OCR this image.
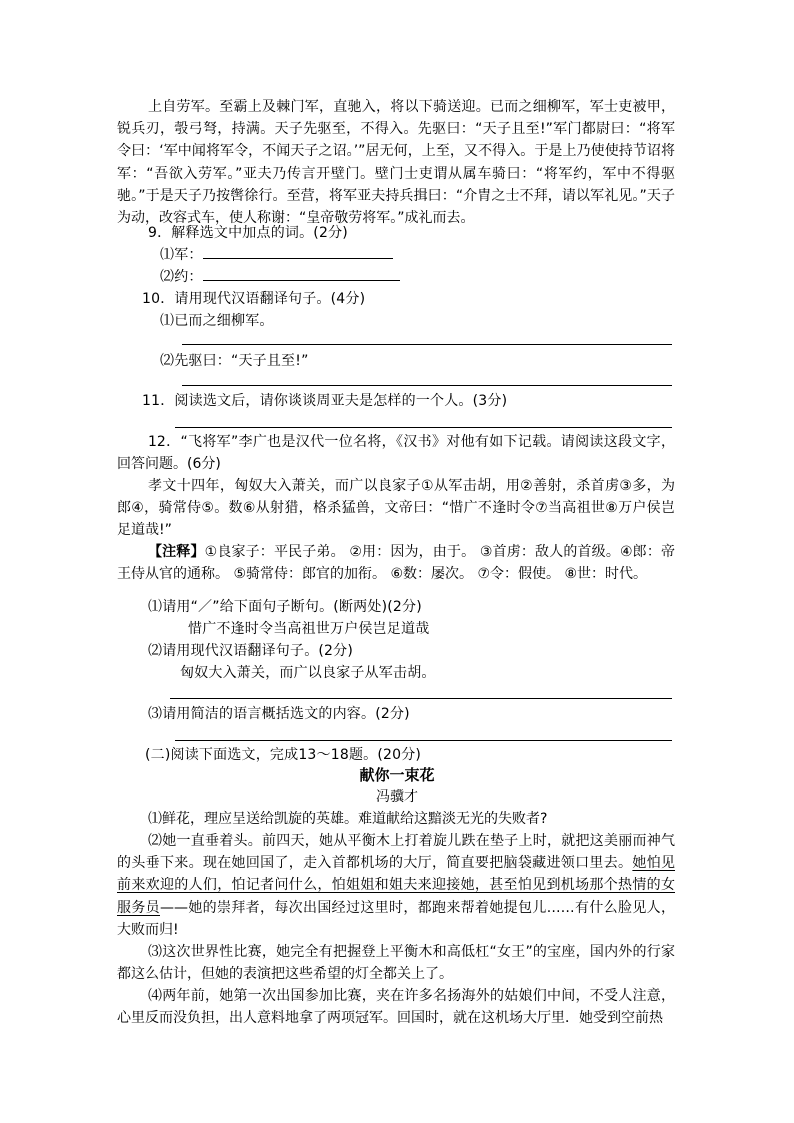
上自劳军。至霸上及棘门军，直驰入，将以下骑送迎。已而之细柳军，军士吏被甲，锐兵刃，彀弓弩，持满。天子先驱至，不得入。先驱曰：“天子且至!”军门都尉曰：“将军令曰：‘军中闻将军令，不闻天子之诏。’”居无何，上至，又不得入。于是上乃使使持节诏将军：“吾欲入劳军。”亚夫乃传言开壁门。壁门士吏谓从属车骑曰：“将军约，军中不得驱驰。”于是天子乃按辔徐行。至营，将军亚夫持兵揖曰：“介胄之士不拜，请以军礼见。”天子为动，改容式车，使人称谢：“皇帝敬劳将军。”成礼而去。
9．解释选文中加点的词。(2分)
⑴军：
⑵约：
10．请用现代汉语翻译句子。(4分)
⑴已而之细柳军。
⑵先驱曰：“天子且至!”
11．阅读选文后，请你谈谈周亚夫是怎样的一个人。(3分)
12．“飞将军”李广也是汉代一位名将，《汉书》对他有如下记载。请阅读这段文字，回答问题。(6分)
孝文十四年，匈奴大入萧关，而广以良家子①从军击胡，用②善射，杀首虏③多，为郎④，骑常侍⑤。数⑥从射猎，格杀猛兽，文帝曰：“惜广不逢时令⑦当高祖世⑧万户侯岂足道哉!”
【注释】①良家子：平民子弟。 ②用：因为，由于。 ③首虏：敌人的首级。④郎：帝王侍从官的通称。 ⑤骑常侍：郎官的加衔。 ⑥数：屡次。 ⑦令：假使。 ⑧世：时代。
⑴请用“／”给下面句子断句。(断两处)(2分)
惜广不逢时令当高祖世万户侯岂足道哉
⑵请用现代汉语翻译句子。(2分)
匈奴大入萧关，而广以良家子从军击胡。
⑶请用简洁的语言概括选文的内容。(2分)
(二)阅读下面选文，完成13～18题。(20分)
献你一束花
冯骥才
⑴鲜花，理应呈送给凯旋的英雄。难道献给这黯淡无光的失败者?
⑵她一直垂着头。前四天，她从平衡木上打着旋儿跌在垫子上时，就把这美丽而神气的头垂下来。现在她回国了，走入首都机场的大厅，简直要把脑袋藏进领口里去。她怕见前来欢迎的人们，怕记者问什么，怕姐姐和姐夫来迎接她，甚至怕见到机场那个热情的女服务员——她的崇拜者，每次出国经过这里时，都跑来帮着她提包儿……有什么脸见人，大败而归!
⑶这次世界性比赛，她完全有把握登上平衡木和高低杠“女王”的宝座，国内外的行家都这么估计，但她的表演把这些希望的灯全都关上了。
⑷两年前，她第一次出国参加比赛，夹在许多名扬海外的姑娘们中间，不受人注意，心里反而没负担，出人意料地拿了两项冠军。回国时，就在这机场大厅里．她受到空前热
